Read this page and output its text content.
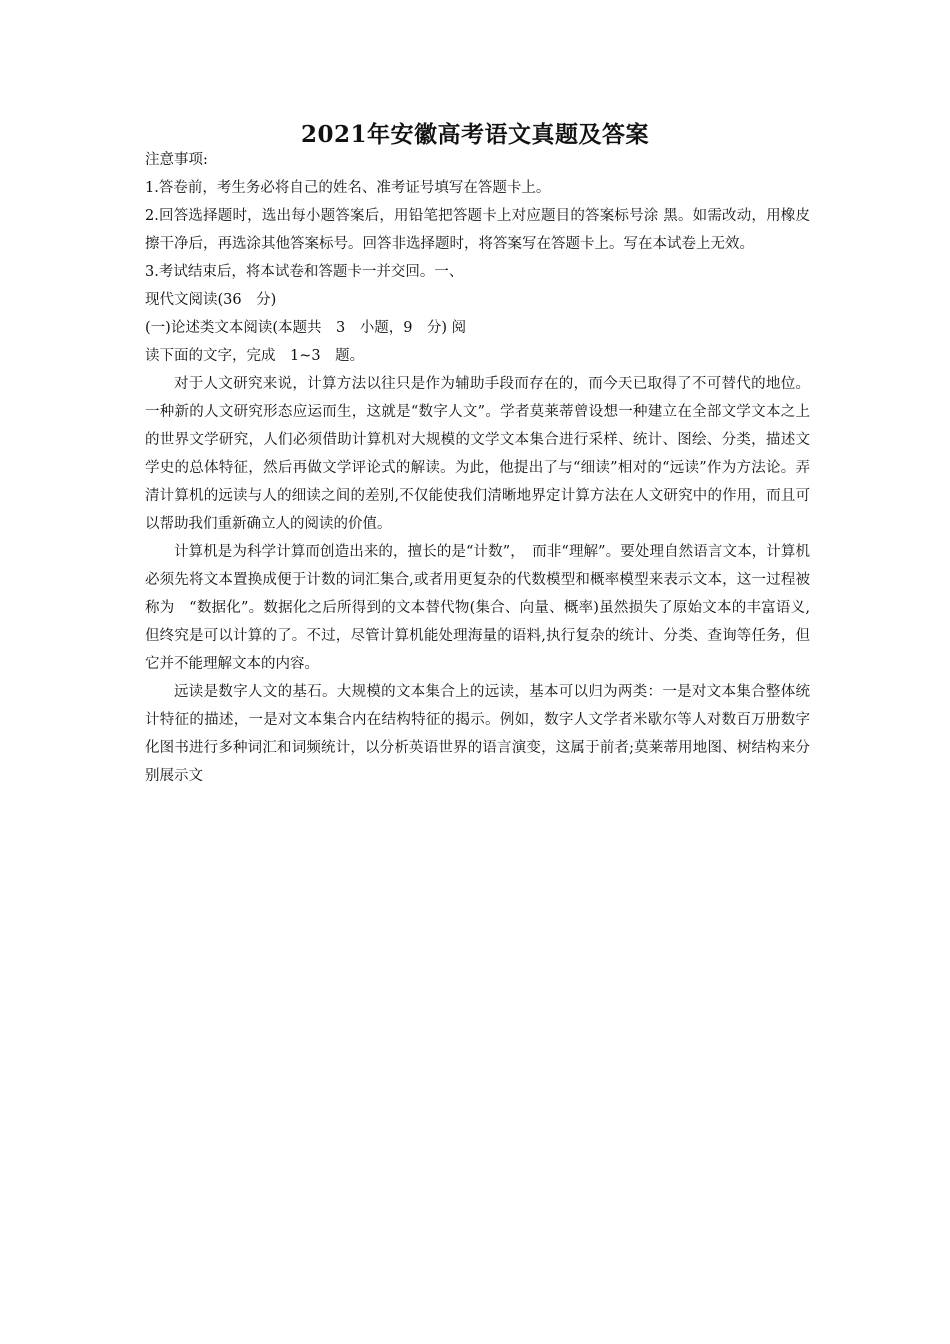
2021年安徽高考语文真题及答案

注意事项:

1.答卷前，考生务必将自己的姓名、准考证号填写在答题卡上。

2.回答选择题时，选出每小题答案后，用铅笔把答题卡上对应题目的答案标号涂 黑。如需改动，用橡皮擦干净后，再选涂其他答案标号。回答非选择题时，将答案写在答题卡上。写在本试卷上无效。

3.考试结束后，将本试卷和答题卡一并交回。一、

现代文阅读(36　分)

(一)论述类文本阅读(本题共　3　小题，9　分) 阅

读下面的文字，完成　1~3　题。

对于人文研究来说，计算方法以往只是作为辅助手段而存在的，而今天已取得了不可替代的地位。一种新的人文研究形态应运而生，这就是“数字人文”。学者莫莱蒂曾设想一种建立在全部文学文本之上的世界文学研究，人们必须借助计算机对大规模的文学文本集合进行采样、统计、图绘、分类，描述文学史的总体特征，然后再做文学评论式的解读。为此，他提出了与“细读”相对的“远读”作为方法论。弄清计算机的远读与人的细读之间的差别,不仅能使我们清晰地界定计算方法在人文研究中的作用，而且可以帮助我们重新确立人的阅读的价值。

计算机是为科学计算而创造出来的，擅长的是“计数”，　而非“理解”。要处理自然语言文本，计算机必须先将文本置换成便于计数的词汇集合,或者用更复杂的代数模型和概率模型来表示文本，这一过程被称为　“数据化”。数据化之后所得到的文本替代物(集合、向量、概率)虽然损失了原始文本的丰富语义,但终究是可以计算的了。不过，尽管计算机能处理海量的语料,执行复杂的统计、分类、查询等任务，但它并不能理解文本的内容。

远读是数字人文的基石。大规模的文本集合上的远读，基本可以归为两类：一是对文本集合整体统计特征的描述，一是对文本集合内在结构特征的揭示。例如，数字人文学者米歇尔等人对数百万册数字化图书进行多种词汇和词频统计，以分析英语世界的语言演变，这属于前者;莫莱蒂用地图、树结构来分别展示文
